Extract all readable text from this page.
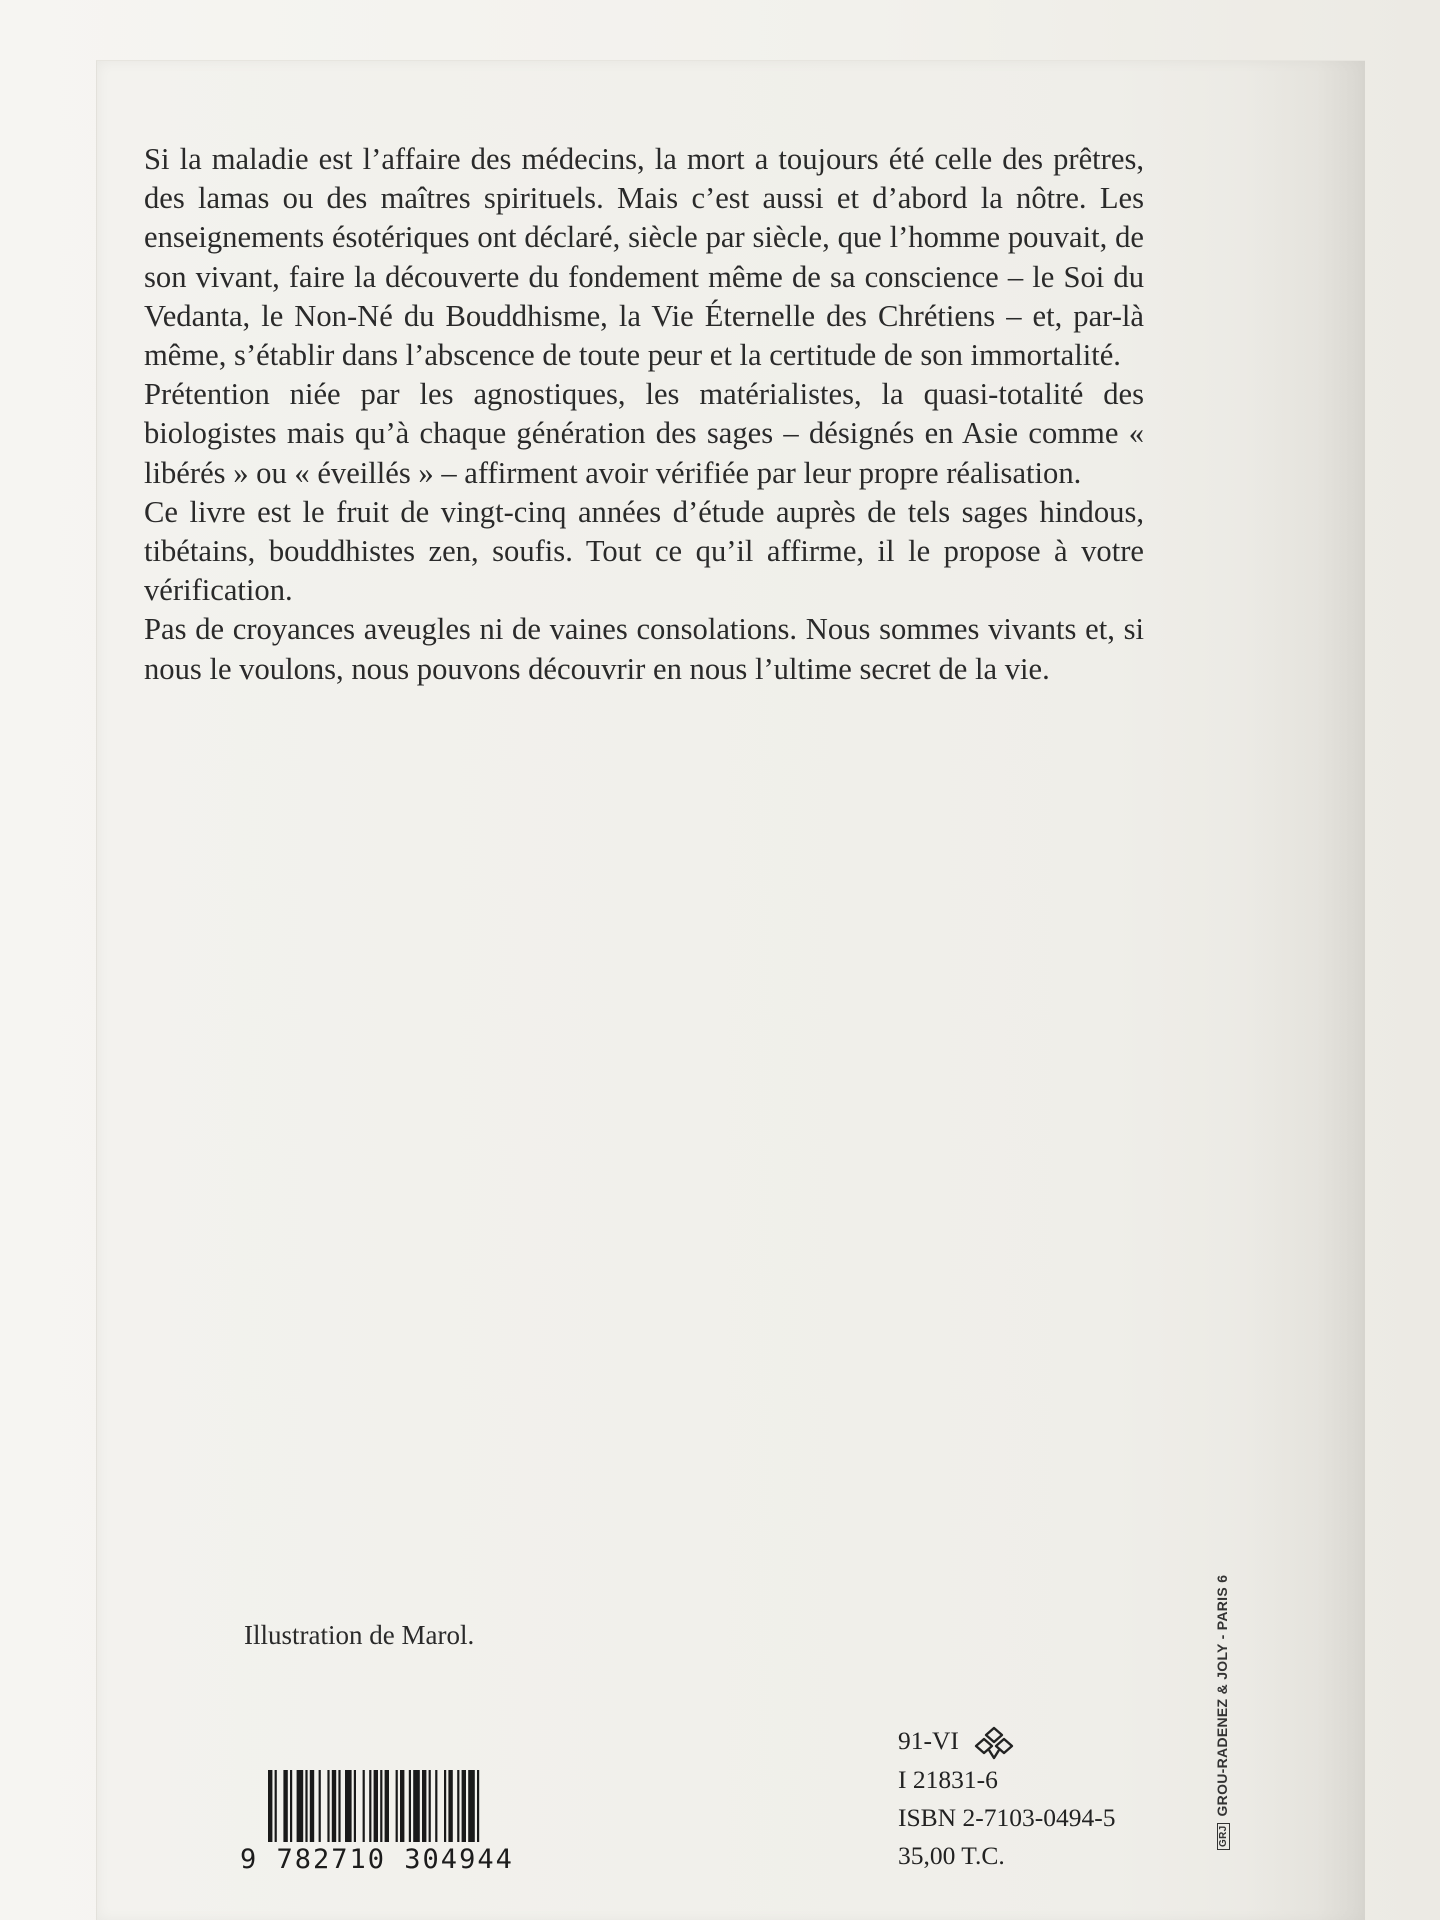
Si la maladie est l’affaire des médecins, la mort a toujours été celle des prêtres, des lamas ou des maîtres spirituels. Mais c’est aussi et d’abord la nôtre. Les enseignements ésotériques ont déclaré, siècle par siècle, que l’homme pouvait, de son vivant, faire la découverte du fondement même de sa conscience – le Soi du Vedanta, le Non-Né du Bouddhisme, la Vie Éternelle des Chrétiens – et, par-là même, s’établir dans l’abscence de toute peur et la certitude de son immortalité.

Prétention niée par les agnostiques, les matérialistes, la quasi-totalité des biologistes mais qu’à chaque génération des sages – désignés en Asie comme « libérés » ou « éveillés » – affirment avoir vérifiée par leur propre réalisation.

Ce livre est le fruit de vingt-cinq années d’étude auprès de tels sages hindous, tibétains, bouddhistes zen, soufis. Tout ce qu’il affirme, il le propose à votre vérification.

Pas de croyances aveugles ni de vaines consolations. Nous sommes vivants et, si nous le voulons, nous pouvons découvrir en nous l’ultime secret de la vie.

Illustration de Marol.
9 782710 304944
91-VI
I 21831-6
ISBN 2-7103-0494-5
35,00 T.C.
GRJGROU-RADENEZ & JOLY - PARIS 6
